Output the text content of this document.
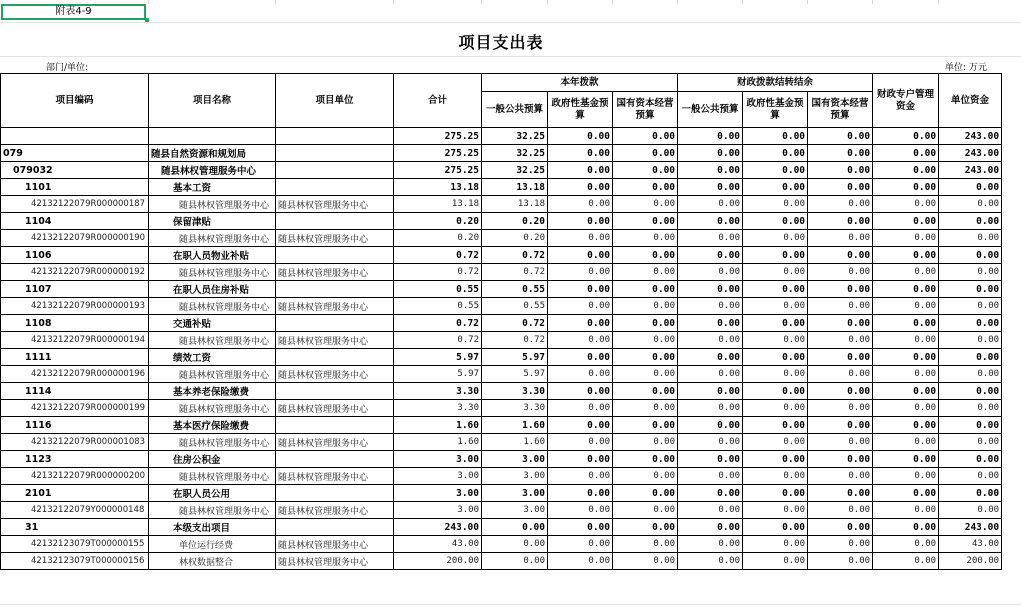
附表4-9
项目支出表
部门/单位:	单位: 万元
项目编码	项目名称	项目单位	合计	本年拨款			财政拨款结转结余			财政专户管理资金	单位资金
				一般公共预算	政府性基金预算	国有资本经营预算	一般公共预算	政府性基金预算	国有资本经营预算		
			275.25	32.25	0.00	0.00	0.00	0.00	0.00	0.00	243.00
079	随县自然资源和规划局		275.25	32.25	0.00	0.00	0.00	0.00	0.00	0.00	243.00
079032	随县林权管理服务中心		275.25	32.25	0.00	0.00	0.00	0.00	0.00	0.00	243.00
1101	基本工资		13.18	13.18	0.00	0.00	0.00	0.00	0.00	0.00	0.00
42132122079R000000187	随县林权管理服务中心	随县林权管理服务中心	13.18	13.18	0.00	0.00	0.00	0.00	0.00	0.00	0.00
1104	保留津贴		0.20	0.20	0.00	0.00	0.00	0.00	0.00	0.00	0.00
42132122079R000000190	随县林权管理服务中心	随县林权管理服务中心	0.20	0.20	0.00	0.00	0.00	0.00	0.00	0.00	0.00
1106	在职人员物业补贴		0.72	0.72	0.00	0.00	0.00	0.00	0.00	0.00	0.00
42132122079R000000192	随县林权管理服务中心	随县林权管理服务中心	0.72	0.72	0.00	0.00	0.00	0.00	0.00	0.00	0.00
1107	在职人员住房补贴		0.55	0.55	0.00	0.00	0.00	0.00	0.00	0.00	0.00
42132122079R000000193	随县林权管理服务中心	随县林权管理服务中心	0.55	0.55	0.00	0.00	0.00	0.00	0.00	0.00	0.00
1108	交通补贴		0.72	0.72	0.00	0.00	0.00	0.00	0.00	0.00	0.00
42132122079R000000194	随县林权管理服务中心	随县林权管理服务中心	0.72	0.72	0.00	0.00	0.00	0.00	0.00	0.00	0.00
1111	绩效工资		5.97	5.97	0.00	0.00	0.00	0.00	0.00	0.00	0.00
42132122079R000000196	随县林权管理服务中心	随县林权管理服务中心	5.97	5.97	0.00	0.00	0.00	0.00	0.00	0.00	0.00
1114	基本养老保险缴费		3.30	3.30	0.00	0.00	0.00	0.00	0.00	0.00	0.00
42132122079R000000199	随县林权管理服务中心	随县林权管理服务中心	3.30	3.30	0.00	0.00	0.00	0.00	0.00	0.00	0.00
1116	基本医疗保险缴费		1.60	1.60	0.00	0.00	0.00	0.00	0.00	0.00	0.00
42132122079R000001083	随县林权管理服务中心	随县林权管理服务中心	1.60	1.60	0.00	0.00	0.00	0.00	0.00	0.00	0.00
1123	住房公积金		3.00	3.00	0.00	0.00	0.00	0.00	0.00	0.00	0.00
42132122079R000000200	随县林权管理服务中心	随县林权管理服务中心	3.00	3.00	0.00	0.00	0.00	0.00	0.00	0.00	0.00
2101	在职人员公用		3.00	3.00	0.00	0.00	0.00	0.00	0.00	0.00	0.00
42132122079Y000000148	随县林权管理服务中心	随县林权管理服务中心	3.00	3.00	0.00	0.00	0.00	0.00	0.00	0.00	0.00
31	本级支出项目		243.00	0.00	0.00	0.00	0.00	0.00	0.00	0.00	243.00
42132123079T000000155	单位运行经费	随县林权管理服务中心	43.00	0.00	0.00	0.00	0.00	0.00	0.00	0.00	43.00
42132123079T000000156	林权数据整合	随县林权管理服务中心	200.00	0.00	0.00	0.00	0.00	0.00	0.00	0.00	200.00
